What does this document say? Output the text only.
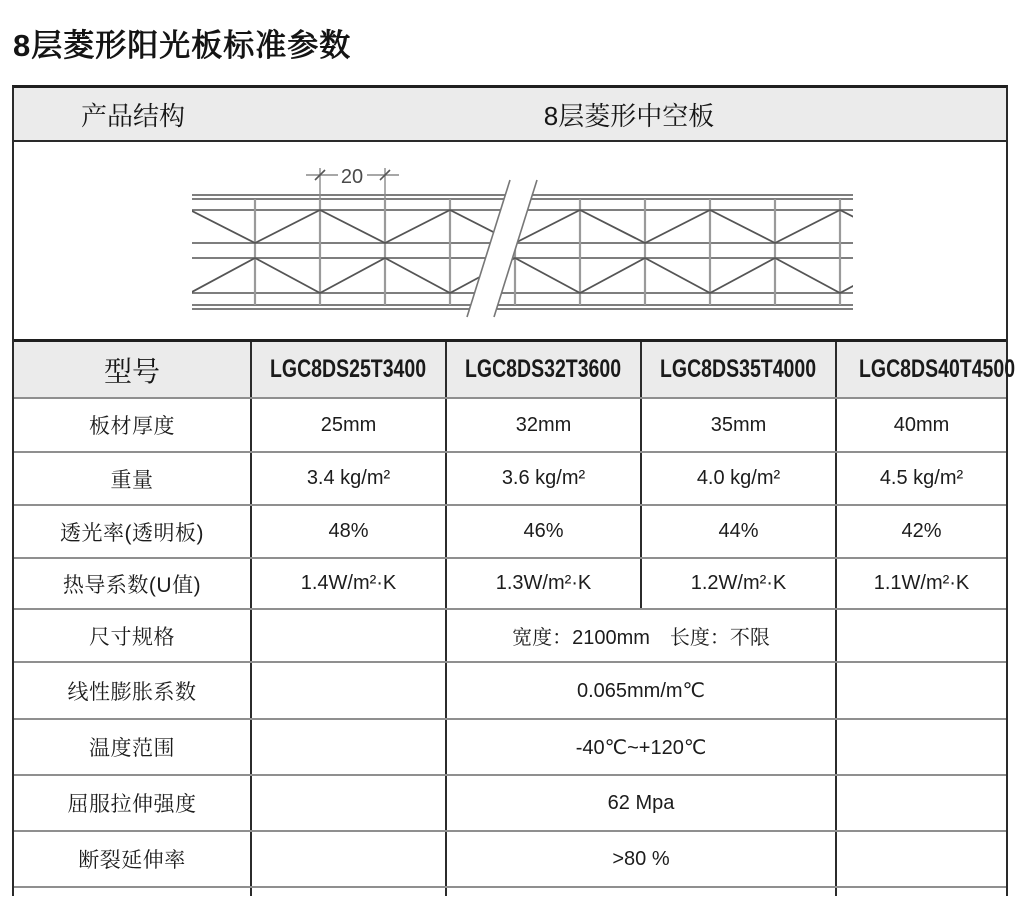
8层菱形阳光板标准参数
产品结构	8层菱形中空板
20
型号	LGC8DS25T3400 LGC8DS32T3600 LGC8DS35T4000 LGC8DS40T4500
板材厚度	25mm	32mm	35mm	40mm
重量	3.4 kg/m²	3.6 kg/m²	4.0 kg/m²	4.5 kg/m²
透光率(透明板)	48%	46%	44%	42%
热导系数(U值)	1.4W/m²·K	1.3W/m²·K	1.2W/m²·K	1.1W/m²·K
尺寸规格	宽度：2100mm　长度：不限
线性膨胀系数	0.065mm/m℃
温度范围	-40℃~+120℃
屈服拉伸强度	62 Mpa
断裂延伸率	>80 %
